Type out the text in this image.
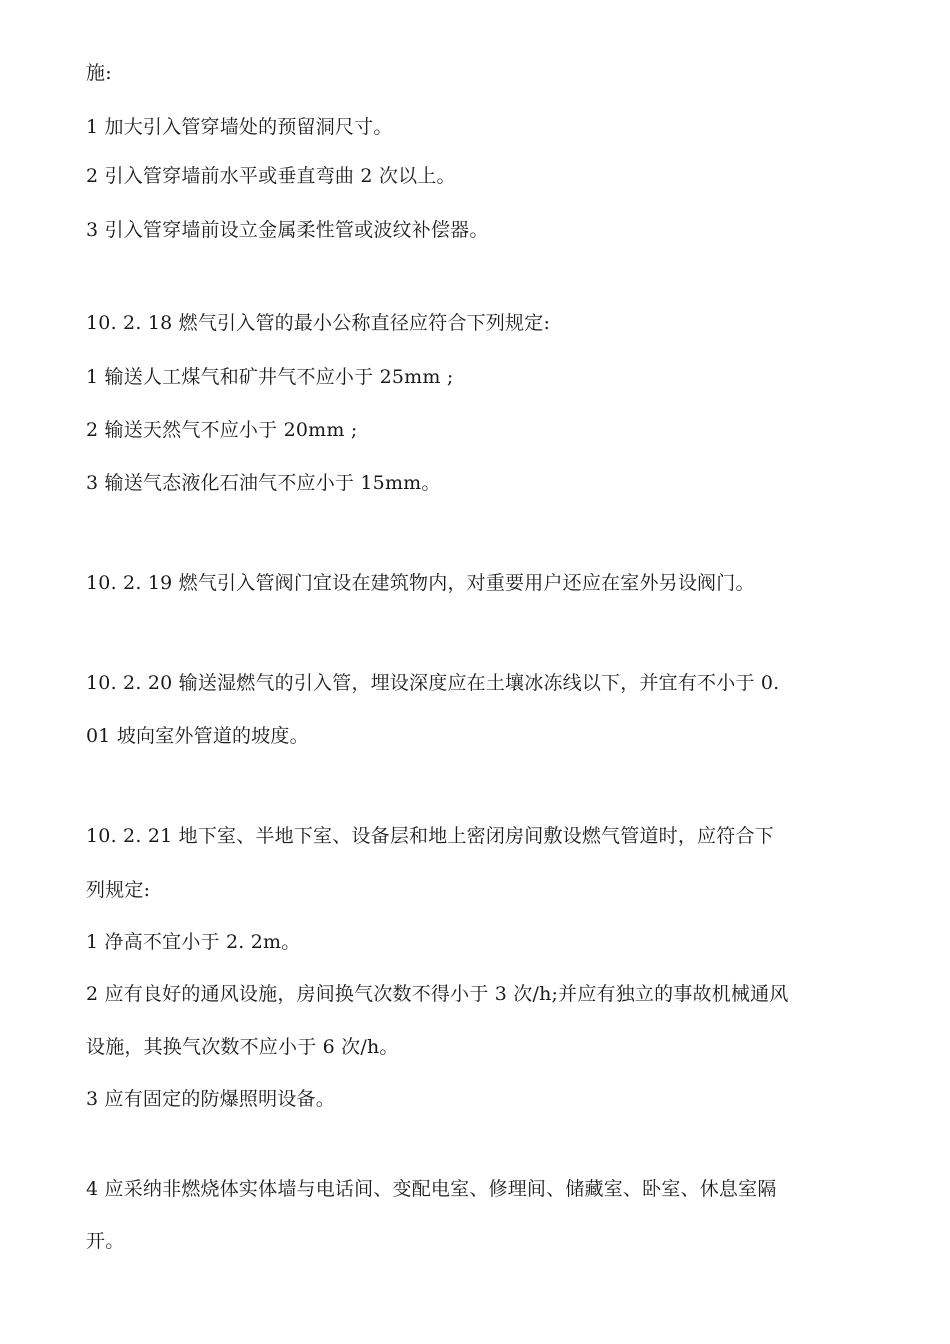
施:
1 加大引入管穿墙处的预留洞尺寸。
2 引入管穿墙前水平或垂直弯曲 2 次以上。
3 引入管穿墙前设立金属柔性管或波纹补偿器。
10. 2. 18 燃气引入管的最小公称直径应符合下列规定:
1 输送人工煤气和矿井气不应小于 25mm ;
2 输送天然气不应小于 20mm ;
3 输送气态液化石油气不应小于 15mm。
10. 2. 19 燃气引入管阀门宜设在建筑物内，对重要用户还应在室外另设阀门。
10. 2. 20 输送湿燃气的引入管，埋设深度应在土壤冰冻线以下，并宜有不小于 0.
01 坡向室外管道的坡度。
10. 2. 21 地下室、半地下室、设备层和地上密闭房间敷设燃气管道时，应符合下
列规定:
1 净高不宜小于 2. 2m。
2 应有良好的通风设施，房间换气次数不得小于 3 次/h;并应有独立的事故机械通风
设施，其换气次数不应小于 6 次/h。
3 应有固定的防爆照明设备。
4 应采纳非燃烧体实体墙与电话间、变配电室、修理间、储藏室、卧室、休息室隔
开。
